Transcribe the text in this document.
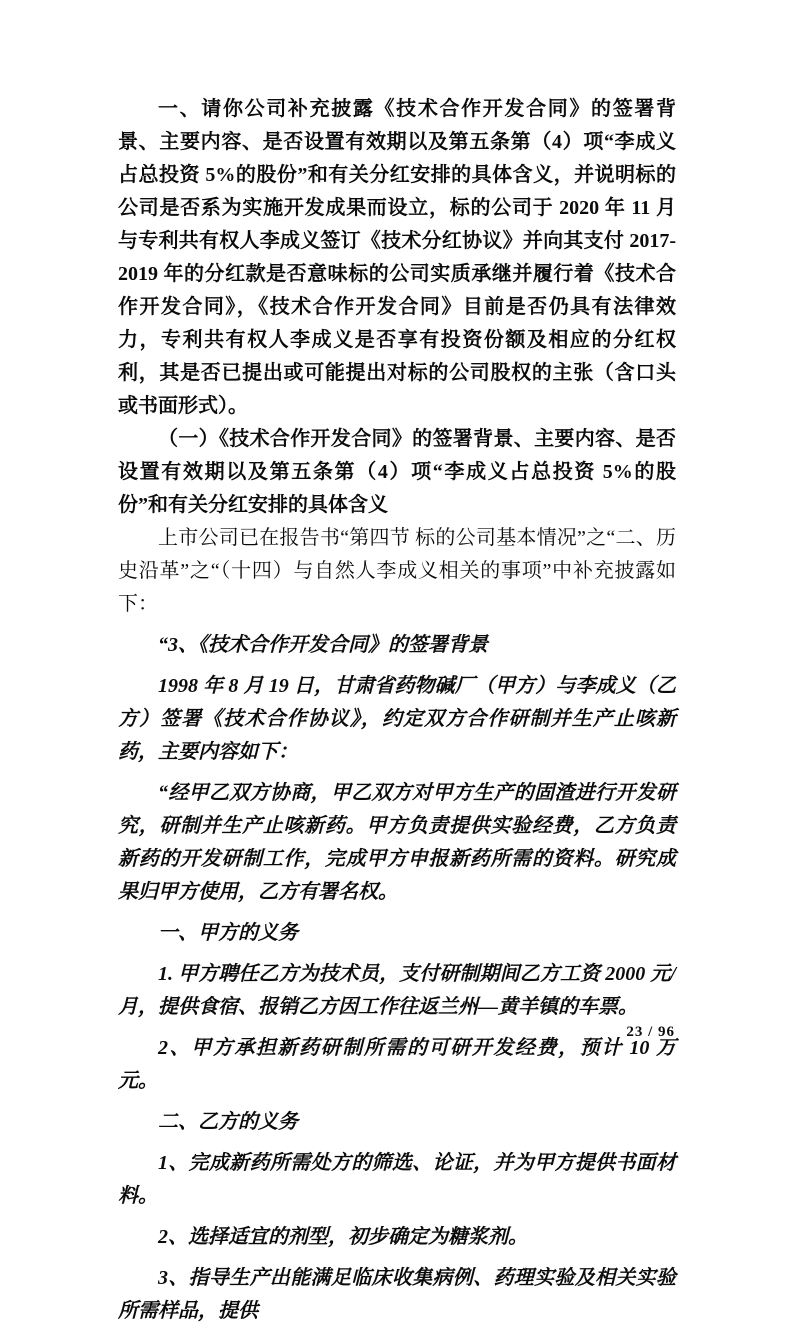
一、请你公司补充披露《技术合作开发合同》的签署背景、主要内容、是否设置有效期以及第五条第（4）项“李成义占总投资 5%的股份”和有关分红安排的具体含义，并说明标的公司是否系为实施开发成果而设立，标的公司于 2020 年 11 月与专利共有权人李成义签订《技术分红协议》并向其支付 2017-2019 年的分红款是否意味标的公司实质承继并履行着《技术合作开发合同》，《技术合作开发合同》目前是否仍具有法律效力，专利共有权人李成义是否享有投资份额及相应的分红权利，其是否已提出或可能提出对标的公司股权的主张（含口头或书面形式）。

（一）《技术合作开发合同》的签署背景、主要内容、是否设置有效期以及第五条第（4）项“李成义占总投资 5%的股份”和有关分红安排的具体含义

上市公司已在报告书“第四节 标的公司基本情况”之“二、历史沿革”之“（十四）与自然人李成义相关的事项”中补充披露如下：

“3、《技术合作开发合同》的签署背景

1998 年 8 月 19 日，甘肃省药物碱厂（甲方）与李成义（乙方）签署《技术合作协议》，约定双方合作研制并生产止咳新药，主要内容如下：

“经甲乙双方协商，甲乙双方对甲方生产的固渣进行开发研究，研制并生产止咳新药。甲方负责提供实验经费，乙方负责新药的开发研制工作，完成甲方申报新药所需的资料。研究成果归甲方使用，乙方有署名权。

一、甲方的义务

1. 甲方聘任乙方为技术员，支付研制期间乙方工资 2000 元/月，提供食宿、报销乙方因工作往返兰州—黄羊镇的车票。

2、甲方承担新药研制所需的可研开发经费，预计 10 万元。

二、乙方的义务

1、完成新药所需处方的筛选、论证，并为甲方提供书面材料。

2、选择适宜的剂型，初步确定为糖浆剂。

3、指导生产出能满足临床收集病例、药理实验及相关实验所需样品，提供

23 / 96
